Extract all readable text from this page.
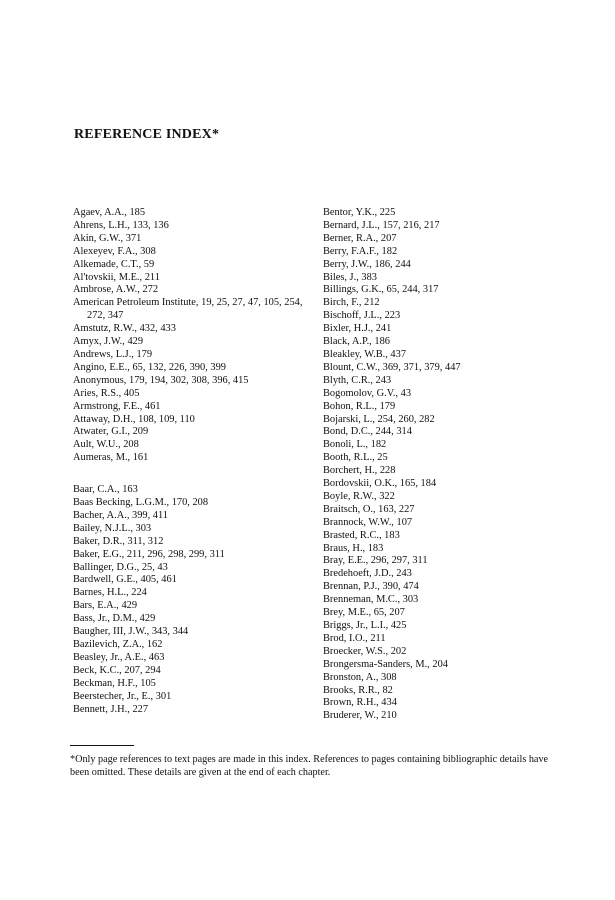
REFERENCE INDEX*
Agaev, A.A., 185
Ahrens, L.H., 133, 136
Akin, G.W., 371
Alexeyev, F.A., 308
Alkemade, C.T., 59
Al'tovskii, M.E., 211
Ambrose, A.W., 272
American Petroleum Institute, 19, 25, 27, 47, 105, 254, 272, 347
Amstutz, R.W., 432, 433
Amyx, J.W., 429
Andrews, L.J., 179
Angino, E.E., 65, 132, 226, 390, 399
Anonymous, 179, 194, 302, 308, 396, 415
Aries, R.S., 405
Armstrong, F.E., 461
Attaway, D.H., 108, 109, 110
Atwater, G.I., 209
Ault, W.U., 208
Aumeras, M., 161
Baar, C.A., 163
Baas Becking, L.G.M., 170, 208
Bacher, A.A., 399, 411
Bailey, N.J.L., 303
Baker, D.R., 311, 312
Baker, E.G., 211, 296, 298, 299, 311
Ballinger, D.G., 25, 43
Bardwell, G.E., 405, 461
Barnes, H.L., 224
Bars, E.A., 429
Bass, Jr., D.M., 429
Baugher, III, J.W., 343, 344
Bazilevich, Z.A., 162
Beasley, Jr., A.E., 463
Beck, K.C., 207, 294
Beckman, H.F., 105
Beerstecher, Jr., E., 301
Bennett, J.H., 227
Bentor, Y.K., 225
Bernard, J.L., 157, 216, 217
Berner, R.A., 207
Berry, F.A.F., 182
Berry, J.W., 186, 244
Biles, J., 383
Billings, G.K., 65, 244, 317
Birch, F., 212
Bischoff, J.L., 223
Bixler, H.J., 241
Black, A.P., 186
Bleakley, W.B., 437
Blount, C.W., 369, 371, 379, 447
Blyth, C.R., 243
Bogomolov, G.V., 43
Bohon, R.L., 179
Bojarski, L., 254, 260, 282
Bond, D.C., 244, 314
Bonoli, L., 182
Booth, R.L., 25
Borchert, H., 228
Bordovskii, O.K., 165, 184
Boyle, R.W., 322
Braitsch, O., 163, 227
Brannock, W.W., 107
Brasted, R.C., 183
Braus, H., 183
Bray, E.E., 296, 297, 311
Bredehoeft, J.D., 243
Brennan, P.J., 390, 474
Brenneman, M.C., 303
Brey, M.E., 65, 207
Briggs, Jr., L.I., 425
Brod, I.O., 211
Broecker, W.S., 202
Brongersma-Sanders, M., 204
Bronston, A., 308
Brooks, R.R., 82
Brown, R.H., 434
Bruderer, W., 210

*Only page references to text pages are made in this index. References to pages containing bibliographic details have been omitted. These details are given at the end of each chapter.
